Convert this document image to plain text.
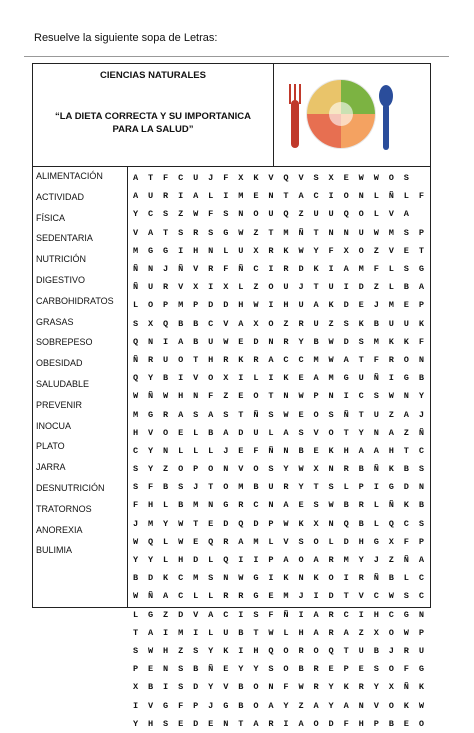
Resuelve la siguiente sopa de Letras:
CIENCIAS NATURALES
“LA DIETA CORRECTA Y SU IMPORTANICA
PARA LA SALUD”
ALIMENTACIÓN
ACTIVIDAD
FÍSICA
SEDENTARIA
NUTRICIÓN
DIGESTIVO
CARBOHIDRATOS
GRASAS
SOBREPESO
OBESIDAD
SALUDABLE
PREVENIR
INOCUA
PLATO
JARRA
DESNUTRICIÓN
TRATORNOS
ANOREXIA
BULIMIA
A	T	F	C	U	J	F	X	K	V	Q	V	S	X	E	W	W	O	S
A	U	R	I	A	L	I	M	E	N	T	A	C	I	O	N	L	Ñ	L	F
Y	C	S	Z	W	F	S	N	O	U	Q	Z	U	U	Q	O	L	V	A
V	A	T	S	R	S	G	W	Z	T	M	Ñ	T	N	N	U	W	M	S	P
M	G	G	I	H	N	L	U	X	R	K	W	Y	F	X	O	Z	V	E	T
Ñ	N	J	Ñ	V	R	F	Ñ	C	I	R	D	K	I	A	M	F	L	S	G
Ñ	U	R	V	X	I	X	L	Z	O	U	J	T	U	I	D	Z	L	B	A
L	O	P	M	P	D	D	H	W	I	H	U	A	K	D	E	J	M	E	P
S	X	Q	B	B	C	V	A	X	O	Z	R	U	Z	S	K	B	U	U	K
Q	N	I	A	B	U	W	E	D	N	R	Y	B	W	D	S	M	K	K	F
Ñ	R	U	O	T	H	R	K	R	A	C	C	M	W	A	T	F	R	O	N
Q	Y	B	I	V	O	X	I	L	I	K	E	A	M	G	U	Ñ	I	G	B
W	Ñ	W	H	N	F	Z	E	O	T	N	W	P	N	I	C	S	W	N	Y
M	G	R	A	S	A	S	T	Ñ	S	W	E	O	S	Ñ	T	U	Z	A	J
H	V	O	E	L	B	A	D	U	L	A	S	V	O	T	Y	N	A	Z	Ñ
C	Y	N	L	L	L	J	E	F	Ñ	N	B	E	K	H	A	A	H	T	C
S	Y	Z	O	P	O	N	V	O	S	Y	W	X	N	R	B	Ñ	K	B	S
S	F	B	S	J	T	O	M	B	U	R	Y	T	S	L	P	I	G	D	N
F	H	L	B	M	N	G	R	C	N	A	E	S	W	B	R	L	Ñ	K	B
J	M	Y	W	T	E	D	Q	D	P	W	K	X	N	Q	B	L	Q	C	S
W	Q	L	W	E	Q	R	A	M	L	V	S	O	L	D	H	G	X	F	P
Y	Y	L	H	D	L	Q	I	I	P	A	O	A	R	M	Y	J	Z	Ñ	A
B	D	K	C	M	S	N	W	G	I	K	N	K	O	I	R	Ñ	B	L	C
W	Ñ	A	C	L	L	R	R	G	E	M	J	I	D	T	V	C	W	S	C
L	G	Z	D	V	A	C	I	S	F	Ñ	I	A	R	C	I	H	C	G	N
T	A	I	M	I	L	U	B	T	W	L	H	A	R	A	Z	X	O	W	P
S	W	H	Z	S	Y	K	I	H	Q	O	R	O	Q	T	U	B	J	R	U
P	E	N	S	B	Ñ	E	Y	Y	S	O	B	R	E	P	E	S	O	F	G
X	B	I	S	D	Y	V	B	O	N	F	W	R	Y	K	R	Y	X	Ñ	K
I	V	G	F	P	J	G	B	O	A	Y	Z	A	Y	A	N	V	O	K	W
Y	H	S	E	D	E	N	T	A	R	I	A	O	D	F	H	P	B	E	O
